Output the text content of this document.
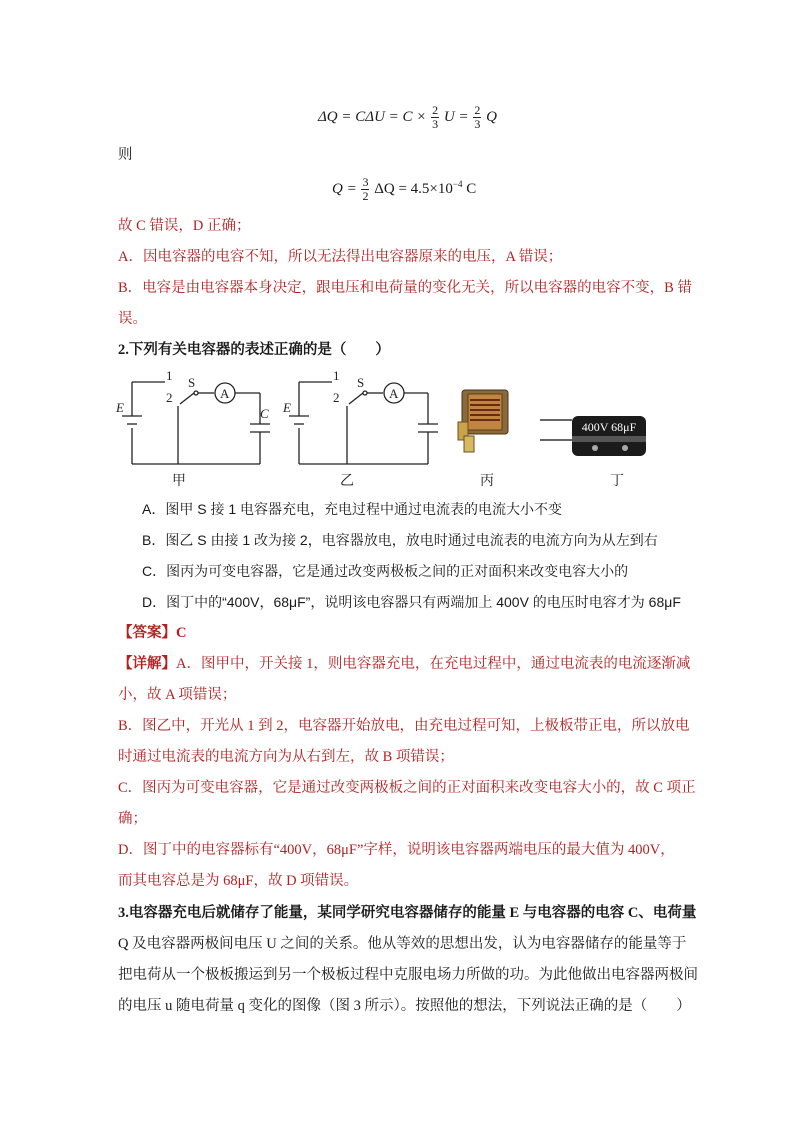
$\Delta Q = C\Delta U = C \times \frac{2}{3}$ $U = \frac{2}{3}$ Q
则
$Q = \frac{3}{2}$ $\Delta Q = 4.5\times 10^{-4}$ C
故 C 错误，D 正确；
A．因电容器的电容不知，所以无法得出电容器原来的电压，A 错误；
B．电容是由电容器本身决定，跟电压和电荷量的变化无关，所以电容器的电容不变，B 错
误。
2.下列有关电容器的表述正确的是（　　）
E
1 S
A
2
C E
1 S
A
2
400V 68μF
甲	乙	丙	丁
A．图甲 S 接 1 电容器充电，充电过程中通过电流表的电流大小不变
B．图乙 S 由接 1 改为接 2，电容器放电，放电时通过电流表的电流方向为从左到右
C．图丙为可变电容器，它是通过改变两极板之间的正对面积来改变电容大小的
D．图丁中的“400V，68μF”，说明该电容器只有两端加上 400V 的电压时电容才为 68μF
【答案】C
【详解】A．图甲中，开关接 1，则电容器充电，在充电过程中，通过电流表的电流逐渐减
小，故 A 项错误；
B．图乙中，开光从 1 到 2，电容器开始放电，由充电过程可知，上极板带正电，所以放电
时通过电流表的电流方向为从右到左，故 B 项错误；
C．图丙为可变电容器，它是通过改变两极板之间的正对面积来改变电容大小的，故 C 项正
确；
D．图丁中的电容器标有“400V，68μF”字样，说明该电容器两端电压的最大值为 400V，
而其电容总是为 68μF，故 D 项错误。
3.电容器充电后就储存了能量，某同学研究电容器储存的能量 E 与电容器的电容 C、电荷量
Q 及电容器两极间电压 U 之间的关系。他从等效的思想出发，认为电容器储存的能量等于
把电荷从一个极板搬运到另一个极板过程中克服电场力所做的功。为此他做出电容器两极间
的电压 u 随电荷量 q 变化的图像（图 3 所示）。按照他的想法，下列说法正确的是（　　）
